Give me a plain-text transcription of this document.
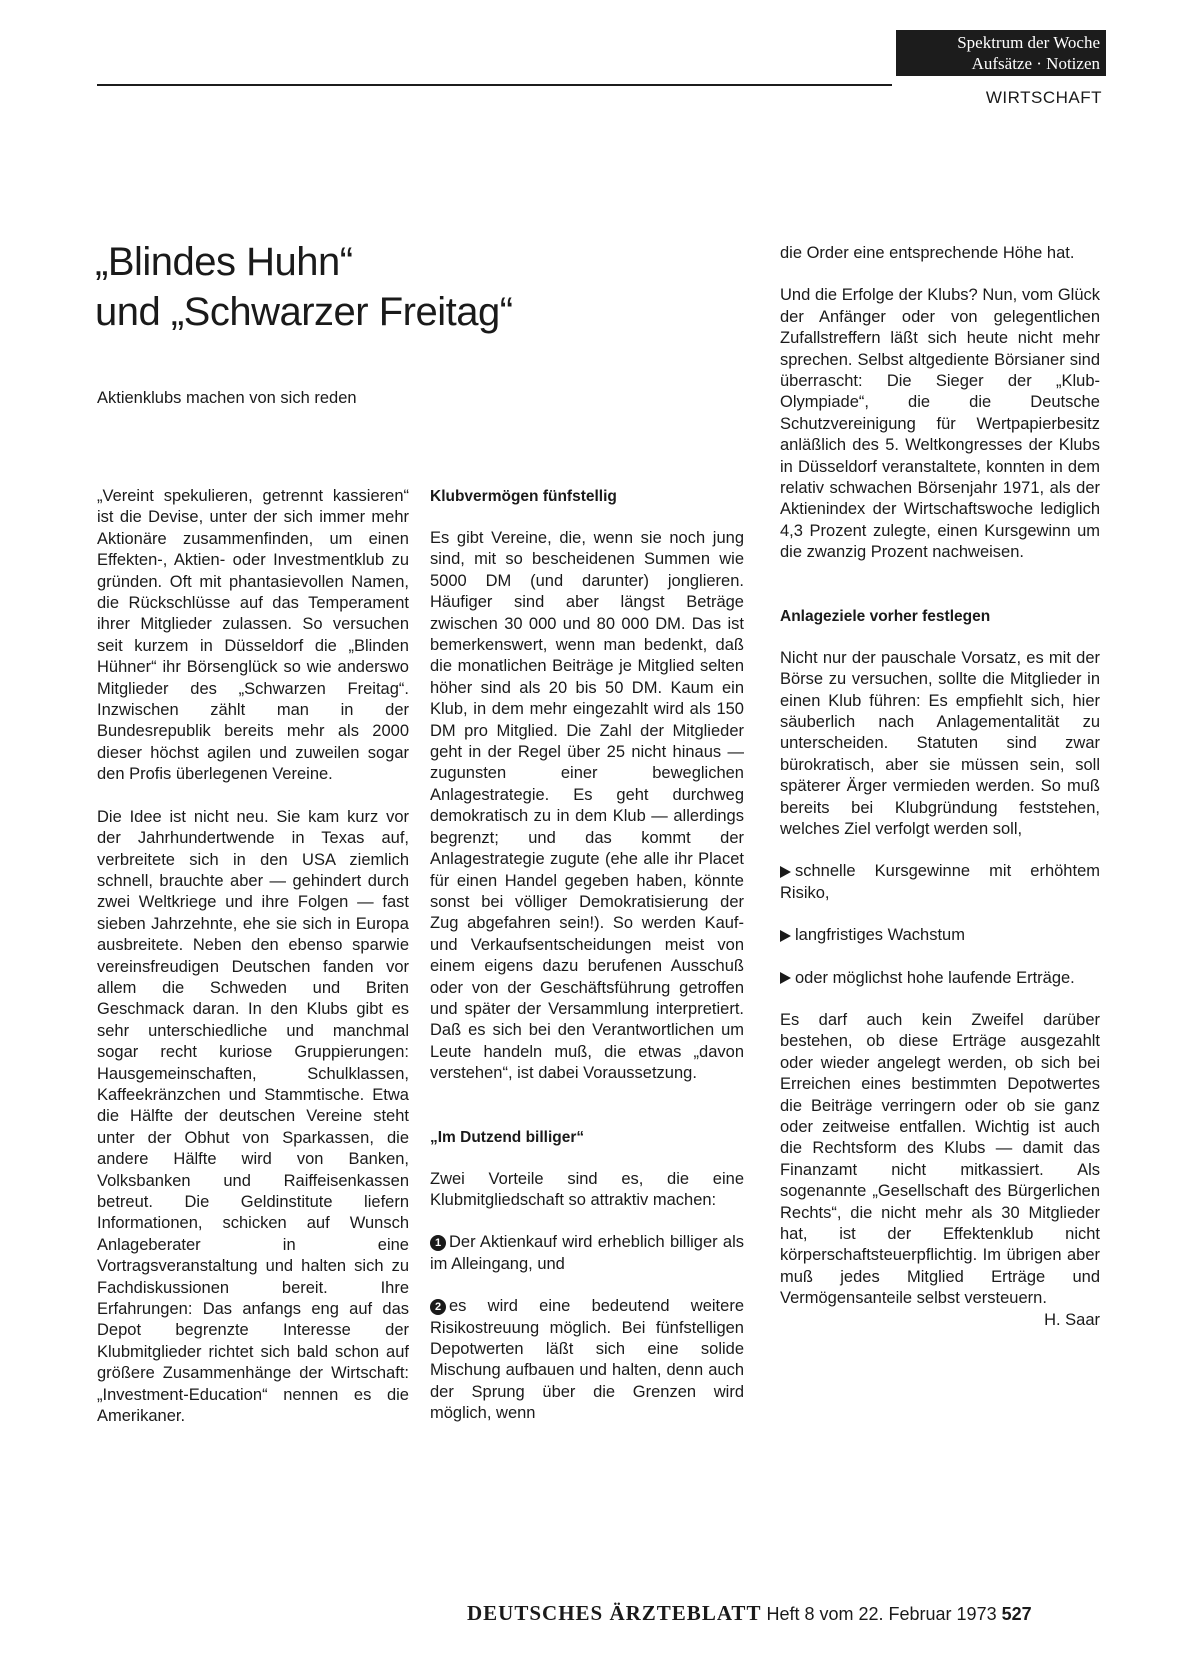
Spektrum der Woche
Aufsätze · Notizen
WIRTSCHAFT
„Blindes Huhn“
und „Schwarzer Freitag“
Aktienklubs machen von sich reden

„Vereint spekulieren, getrennt kassieren“ ist die Devise, unter der sich immer mehr Aktionäre zusammenfinden, um einen Effekten-, Aktien- oder Investmentklub zu gründen. Oft mit phantasievollen Namen, die Rückschlüsse auf das Temperament ihrer Mitglieder zulassen. So versuchen seit kurzem in Düsseldorf die „Blinden Hühner“ ihr Börsenglück so wie anderswo Mitglieder des „Schwarzen Freitag“. Inzwischen zählt man in der Bundesrepublik bereits mehr als 2000 dieser höchst agilen und zuweilen sogar den Profis überlegenen Vereine.

Die Idee ist nicht neu. Sie kam kurz vor der Jahrhundertwende in Texas auf, verbreitete sich in den USA ziemlich schnell, brauchte aber — gehindert durch zwei Weltkriege und ihre Folgen — fast sieben Jahrzehnte, ehe sie sich in Europa ausbreitete. Neben den ebenso sparwie vereinsfreudigen Deutschen fanden vor allem die Schweden und Briten Geschmack daran. In den Klubs gibt es sehr unterschiedliche und manchmal sogar recht kuriose Gruppierungen: Hausgemeinschaften, Schulklassen, Kaffeekränzchen und Stammtische. Etwa die Hälfte der deutschen Vereine steht unter der Obhut von Sparkassen, die andere Hälfte wird von Banken, Volksbanken und Raiffeisenkassen betreut. Die Geldinstitute liefern Informationen, schicken auf Wunsch Anlageberater in eine Vortragsveranstaltung und halten sich zu Fachdiskussionen bereit. Ihre Erfahrungen: Das anfangs eng auf das Depot begrenzte Interesse der Klubmitglieder richtet sich bald schon auf größere Zusammenhänge der Wirtschaft: „Investment-Education“ nennen es die Amerikaner.

Klubvermögen fünfstellig

Es gibt Vereine, die, wenn sie noch jung sind, mit so bescheidenen Summen wie 5000 DM (und darunter) jonglieren. Häufiger sind aber längst Beträge zwischen 30 000 und 80 000 DM. Das ist bemerkenswert, wenn man bedenkt, daß die monatlichen Beiträge je Mitglied selten höher sind als 20 bis 50 DM. Kaum ein Klub, in dem mehr eingezahlt wird als 150 DM pro Mitglied. Die Zahl der Mitglieder geht in der Regel über 25 nicht hinaus — zugunsten einer beweglichen Anlagestrategie. Es geht durchweg demokratisch zu in dem Klub — allerdings begrenzt; und das kommt der Anlagestrategie zugute (ehe alle ihr Placet für einen Handel gegeben haben, könnte sonst bei völliger Demokratisierung der Zug abgefahren sein!). So werden Kauf- und Verkaufsentscheidungen meist von einem eigens dazu berufenen Ausschuß oder von der Geschäftsführung getroffen und später der Versammlung interpretiert. Daß es sich bei den Verantwortlichen um Leute handeln muß, die etwas „davon verstehen“, ist dabei Voraussetzung.

„Im Dutzend billiger“

Zwei Vorteile sind es, die eine Klubmitgliedschaft so attraktiv machen:

1 Der Aktienkauf wird erheblich billiger als im Alleingang, und

2 es wird eine bedeutend weitere Risikostreuung möglich. Bei fünfstelligen Depotwerten läßt sich eine solide Mischung aufbauen und halten, denn auch der Sprung über die Grenzen wird möglich, wenn

die Order eine entsprechende Höhe hat.

Und die Erfolge der Klubs? Nun, vom Glück der Anfänger oder von gelegentlichen Zufallstreffern läßt sich heute nicht mehr sprechen. Selbst altgediente Börsianer sind überrascht: Die Sieger der „Klub-Olympiade“, die die Deutsche Schutzvereinigung für Wertpapierbesitz anläßlich des 5. Weltkongresses der Klubs in Düsseldorf veranstaltete, konnten in dem relativ schwachen Börsenjahr 1971, als der Aktienindex der Wirtschaftswoche lediglich 4,3 Prozent zulegte, einen Kursgewinn um die zwanzig Prozent nachweisen.

Anlageziele vorher festlegen

Nicht nur der pauschale Vorsatz, es mit der Börse zu versuchen, sollte die Mitglieder in einen Klub führen: Es empfiehlt sich, hier säuberlich nach Anlagementalität zu unterscheiden. Statuten sind zwar bürokratisch, aber sie müssen sein, soll späterer Ärger vermieden werden. So muß bereits bei Klubgründung feststehen, welches Ziel verfolgt werden soll,

schnelle Kursgewinne mit erhöhtem Risiko,

langfristiges Wachstum

oder möglichst hohe laufende Erträge.

Es darf auch kein Zweifel darüber bestehen, ob diese Erträge ausgezahlt oder wieder angelegt werden, ob sich bei Erreichen eines bestimmten Depotwertes die Beiträge verringern oder ob sie ganz oder zeitweise entfallen. Wichtig ist auch die Rechtsform des Klubs — damit das Finanzamt nicht mitkassiert. Als sogenannte „Gesellschaft des Bürgerlichen Rechts“, die nicht mehr als 30 Mitglieder hat, ist der Effektenklub nicht körperschaftsteuerpflichtig. Im übrigen aber muß jedes Mitglied Erträge und Vermögensanteile selbst versteuern.

H. Saar
DEUTSCHES ÄRZTEBLATT Heft 8 vom 22. Februar 1973 527
